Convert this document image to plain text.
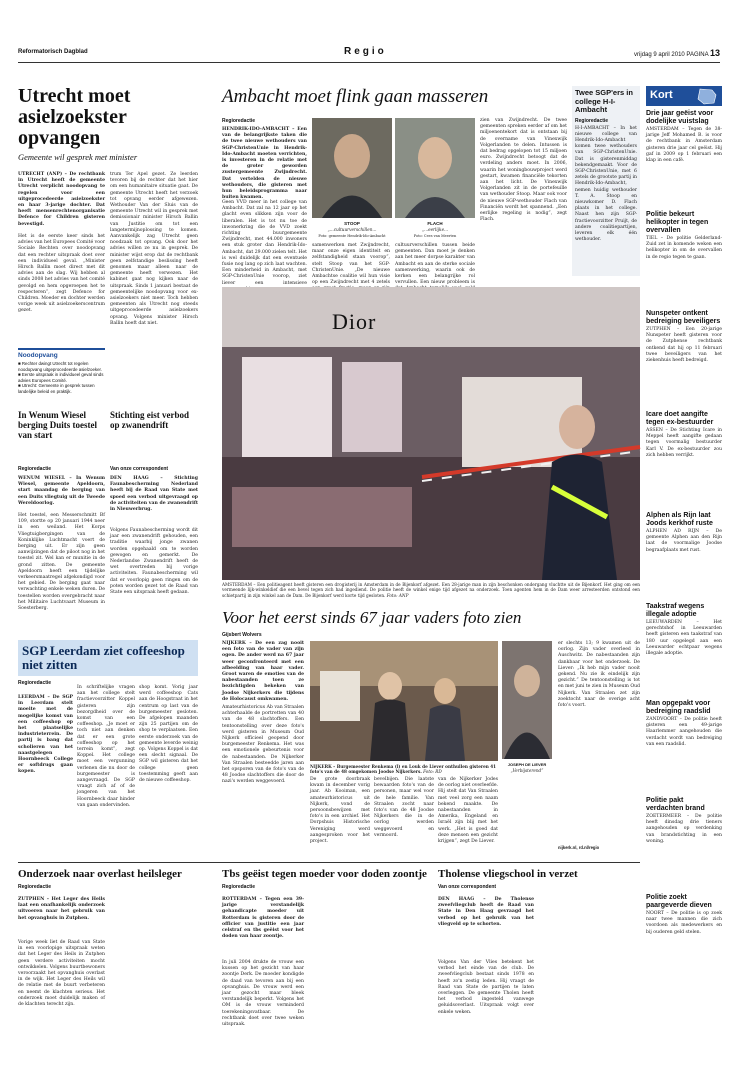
Reformatorisch Dagblad	Regio	vrijdag 9 april 2010 PAGINA 13
Utrecht moet
asielzoekster
opvangen
Gemeente wil gesprek met minister
UTRECHT (ANP) – De rechtbank in Utrecht heeft de gemeente Utrecht verplicht noodopvang te regelen voor een uitgeprocedeerde asielzoekster en haar 3-jarige dochter. Dat heeft mensenrechtenorganisatie Defence for Children gisteren bevestigd.
Het is de eerste keer sinds het advies van het Europees Comité voor Sociale Rechten over noodopvang dat een rechter uitspraak doet over een individueel geval. „Minister Hirsch Ballin moet direct met dit advies aan de slag. Wij hebben al sinds 2008 het advies van het comité gevolgd en hem opgeroepen het te respecteren”, zegt Defence for Children. Moeder en dochter werden vorige week uit asielzoekerscentrum gezet.
trum Ter Apel gezet. Ze leerden tevoren bij de rechter dat het hier om een humanitaire situatie gaat. De gemeente Utrecht heeft het verzoek tot opvang eerder afgewezen. Wethouder Van der Sluis van de gemeente Utrecht wil in gesprek met demissionair minister Hirsch Ballin van Justitie om tot een langetermijnoplossing te komen. Aanvankelijk zag Utrecht geen noodzaak tot opvang. Ook door het advies willen ze nu in gesprek. De minister wijst erop dat de rechtbank geen zelfstandige beslissing heeft genomen maar alleen naar de gemeente heeft verwezen. Het kabinet gaat nog kijken naar de uitspraak. Sinds 1 januari bestaat de gemeentelijke noodopvang voor ex-asielzoekers niet meer. Toch hebben gemeenten als Utrecht nog steeds uitgeprocedeerde asielzoekers opvang. Volgens minister Hirsch Ballin hoeft dat niet.
Noodopvang
■ Rechter dwingt Utrecht tot regelen noodopvang uitgeprocedeerde asielzoeker.
■ Eerste uitspraak in individueel geval sinds advies Europees Comité.
■ Utrecht: Gemeente in gesprek tussen landelijke beleid en praktijk.
Ambacht moet flink gaan masseren
Regioredactie
HENDRIK-IDO-AMBACHT – Een van de belangrijkste taken die de twee nieuwe wethouders van SGP-ChristenUnie in Hendrik-Ido-Ambacht moeten verrichten, is investeren in de relatie met de groter geworden zustergemeente Zwijndrecht. Dat vertelden de nieuwe wethouders, die gisteren met hun beleidsprogramma naar buiten kwamen.
Geen VVD meer in het college van Ambacht. Dat zal na 12 jaar op het glacht even slikken zijn voor de liberalen. Het is tot nu toe de inwonerkring die de VVD zoekt richting buurgemeente Zwijndrecht, met 44.000 inwoners een stuk groter dan Hendrik-Ido-Ambacht, dat 29.000 zielen telt. Het is wel duidelijk dat een eventuele fusie nog lang op zich laat wachten. Een minderheid in Ambacht, met SGP-ChristenUnie voorop, ziet liever een intensieve
STOOP
„...cultuurverschillen...
Foto: gemeente Hendrik-Ido-Ambacht
FLACH
„...eerlijke...
Foto: Cees van Meerten
samenwerken met Zwijndrecht, maar onze eigen identiteit en zelfstandigheid staan voorop”, stelt Stoop van het SGP-ChristenUnie. „De nieuwe Ambachtse coalitie wil hun visie op een Zwijndrecht met 4 zetels
cultuurverschillen tussen beide gemeenten. Dan moet je denken aan het meer dorpse karakter van Ambacht en aan de sterke sociale samenwerking, waarin ook de kerken een belangrijke rol vervullen. Een nieuw probleem is
zien van Zwijndrecht. De twee gemeenten spreken eerder af om het miljoenentekort dat is ontstaan bij de overname van Vinexwijk Volgerlanden te delen. Intussen is dat bedrag opgelopen tot 15 miljoen euro. Zwijndrecht betoogt dat de verdeling anders moet. In 2006, waarin het woningbouwproject werd gestart, kwamen financiële tekorten aan het licht. De Vinexwijk Volgerlanden zit in de portefeuille van wethouder Stoop. Maar ook voor de nieuwe SGP-wethouder Flach van Financiën wordt het spannend. „Een eerlijke regeling is nodig”, zegt Flach.
Twee SGP'ers in college H-I-Ambacht
Regioredactie
H-I-AMBACHT – In het nieuwe college van Hendrik-Ido-Ambacht komen twee wethouders van SGP-ChristenUnie. Dat is gisterenmiddag bekendgemaakt. Voor de SGP-ChristenUnie, met 6 zetels de grootste partij in Hendrik-Ido-Ambacht, nemen huidig wethouder T. A. Stoop en nieuwkomer D. Flach plaats in het college. Naast hen zijn SGP-fractievoorzitter Pruijt, de andere coalitiepartijen, leveren elk één wethouder.
Kort
Drie jaar geëist voor dodelijke vuistslag
AMSTERDAM – Tegen de 38-jarige Jeff Mohamed B. is voor de rechtbank in Amsterdam gisteren drie jaar cel geëist. Hij gaf in 2009 op 1 februari een klap in een café.
Politie bekeurt helikopter in tegen overvallen
TIEL – De politie Gelderland-Zuid zet in komende weken een helikopter in om de overvallen in de regio tegen te gaan.
Nunspeter ontkent bedreiging beveiligers
ZUTPHEN – Een 20-jarige Nunspeter heeft gisteren voor de Zutphense rechtbank ontkend dat hij op 11 februari twee beveiligers van het ziekenhuis heeft bedreigd.
Icare doet aangifte tegen ex-bestuurder
ASSEN – De Stichting Icare in Meppel heeft aangifte gedaan tegen voormalig bestuurder Karl V. De ex-bestuurder zou zich hebben verrijkt.
Alphen als Rijn laat Joods kerkhof ruste
ALPHEN AD RIJN – De gemeente Alphen aan den Rijn laat de voormalige Joodse begraafplaats met rust.
Taakstraf wegens illegale adoptie
LEEUWARDEN – Het gerechtshof in Leeuwarden heeft gisteren een taakstraf van 180 uur opgelegd aan een Leeuwarder echtpaar wegens illegale adoptie.
Man opgepakt voor bedreiging raadslid
ZANDVOORT – De politie heeft gisteren een 49-jarige Haarlemmer aangehouden die verdacht wordt van bedreiging van een raadslid.
Politie pakt verdachten brand
ZOETERMEER – De politie heeft dinsdag drie tieners aangehouden op verdenking van brandstichting in een woning.
Politie zoekt paargeverde dieven
NOORT – De politie is op zoek naar twee mannen die zich voordoen als medewerkers en bij ouderen geld stelen.
Dior
AMSTERDAM – Een politieagent heeft gisteren een drogisterij in Amsterdam in de Bijenkorf afgezet. Een 28-jarige man in zijn beschonken ondergang vluchtte uit de Bijenkorf. Het ging om een vermeende lijk-winkeldief die een bevel tegen zich had ingediend. De politie heeft de winkel enige tijd afgezet na onderzoek. Toen agenten hem in de Dam weer arresteerden ontstond een schietpartij in zijn winkel aan de Dam. De Bijenkorf werd korte tijd gesloten. Foto: ANP
In Wenum Wiesel berging Duits toestel van start
Regioredactie
WENUM WIESEL – In Wenum Wiesel, gemeente Apeldoorn, start maandag de berging van een Duits vliegtuig uit de Tweede Wereldoorlog.
Het toestel, een Messerschmitt Bf 109, stortte op 20 januari 1944 neer in een weiland. Het Korps Vliegtuigbergingen van de Koninklijke Luchtmacht voert de berging uit. Er zijn geen aanwijzingen dat de piloot nog in het toestel zit. Wel kan er munitie in de grond zitten. De gemeente Apeldoorn heeft een tijdelijke verkeersmaatregel afgekondigd voor het gebied. De berging gaat naar verwachting enkele weken duren. De toestellen worden overgebracht naar het Militaire Luchtvaart Museum in Soesterberg.
Stichting eist verbod op zwanendrift
Van onze correspondent
DEN HAAG – Stichting Faunabescherming Nederland heeft bij de Raad van State met spoed een verbod uitgevraagd op de activiteiten van de zwanendrift in Nieuwerbrug.
Volgens Faunabescherming wordt dit jaar een zwanendrift gehouden, een traditie waarbij jonge zwanen worden opgehaald om te worden gewogen en gemerkt. De Nederlandse Zwanendrift heeft de wet overtreden bij vorige activiteiten. Faunabescherming wil dat er voorlopig geen ringen om de poten worden gezet tot de Raad van State een uitspraak heeft gedaan.
SGP Leerdam ziet coffeeshop niet zitten
Regioredactie
LEERDAM – De SGP in Leerdam stelt moeite met de mogelijke komst van een coffeeshop op het plaatselijke industrieterrein. De partij is bang dat scholieren van het naastgelegen Hoornbeeck College er softdrugs gaan kopen.
In schriftelijke vragen aan het college stelt fractievoorzitter Koppel gisteren zijn bezorgdheid over de komst van een coffeeshop. „Je moet er toch niet aan denken dat er een grote coffeeshop op het terrein komt”, zegt Koppel. Het college moet een vergunning verlenen die nu door de burgemeester is aangevraagd. De SGP vraagt zich af of de jongeren van het Hoornbeeck daar hinder van gaan ondervinden.
shop komt. Vorig jaar werd coffeeshop Cats aan de Hoogstraat in het centrum op last van de burgemeester gesloten. De afgelopen maanden zijn 25 partijen om de shop te verplaatsen. Een eerste onderzoek van de gemeente leverde weinig op. Volgens Koppel is dat een slecht signaal. De SGP wil gisteren dat het college geen toestemming geeft aan de nieuwe coffeeshop.
Voor het eerst sinds 67 jaar vaders foto zien
Gijsbert Wolvers
NIJKERK – De een zag nooit een foto van de vader van zijn ogen. De ander werd na 67 jaar weer geconfronteerd met een afbeelding van haar vader. Groot waren de emoties van de nabestaanden toen ze bezichtigden bekeken van Joodse Nijkerkers die tijdens de Holocaust omkwamen.
Amateurhistoricus Ab van Straalen achterhaalde de portretten van 40 van de 48 slachtoffers. Een tentoonstelling over deze foto's werd gisteren in Museum Oud Nijkerk officieel geopend door burgemeester Renkema. Het was een emotionele gebeurtenis voor de nabestaanden. De Nijkerker Van Straalen besteedde jaren aan het opsporen van de foto's van de 48 Joodse slachtoffers die door de nazi's werden weggevoerd.
NIJKERK – Burgemeester Renkema (l) en Louk de Liever onthullen gisteren 41 foto's van de 48 omgekomen Joodse Nijkerkers. Foto: RD
JOSEPH DE LIEVER
„Verbijsterend”
De grote doorbraak kwam in december vorig jaar. Ab Kooiman, een amateurhistoricus uit Nijkerk, vond de persoonsbewijzen met foto's in een archief. Het Dorpshuis Historische Vereniging werd aangesproken voor het project.
bevelbijen. Die laatste bewaarden foto's van de personen, maar wel voor de hele familie. Van Straalen zocht naar foto's van de 48 Joodse Nijkerkers die in de oorlog werden weggevoerd en vermoord.
van de Nijkerker Jodes de oorlog niet overleefde. Hij stelt dat Van Straalen met veel zorg een naam bekend maakte. De nabestaanden in Amerika, Engeland en Israël zijn blij met het werk. „Het is goed dat deze mensen een gezicht krijgen”, zegt De Liever.
er slechts 13; 9 kwamen uit de oorlog. Zijn vader overleed in Auschwitz. De nabestaanden zijn dankbaar voor het onderzoek. De Liever: „Ik heb mijn vader nooit gekend. Nu zie ik eindelijk zijn gezicht.” De tentoonstelling is tot en met juni te zien in Museum Oud Nijkerk. Van Straalen zet zijn zoektocht naar de overige acht foto's voort.
nijkerk.nl, rd.nl/regio
Onderzoek naar overlast heilsleger
Regioredactie
ZUTPHEN – Het Leger des Heils laat een onafhankelijk onderzoek uitvoeren naar het gebruik van het opvanghuis in Zutphen.
Vorige week liet de Raad van State in een voorlopige uitspraak weten dat het Leger des Heils in Zutphen geen verdere activiteiten mocht ontwikkelen. Volgens buurtbewoners veroorzaakt het opvanghuis overlast in de wijk. Het Leger des Heils wil de relatie met de buurt verbeteren en neemt de klachten serieus. Het onderzoek moet duidelijk maken of de klachten terecht zijn.
Tbs geëist tegen moeder voor doden zoontje
Regioredactie
ROTTERDAM – Tegen een 39-jarige verstandelijk gehandicapte moeder uit Rotterdam is gisteren door de officier van justitie een jaar celstraf en tbs geëist voor het doden van haar zoontje.
In juli 2004 drukte de vrouw een kussen op het gezicht van haar zoontje Derk. De moeder kondigde de daad van tevoren aan bij een opvanghuis. De vrouw werd een jaar gezocht maar bleek verstandelijk beperkt. Volgens het OM is de vrouw verminderd toerekeningsvatbaar. De rechtbank doet over twee weken uitspraak.
Tholense vliegschool in verzet
Van onze correspondent
DEN HAAG – De Tholense zweefvliegclub heeft de Raad van State in Den Haag gevraagd het verbod op het gebruik van het vliegveld op te schorten.
Volgens Van der Vlies betekent het verbod het einde van de club. De zweefvliegclub bestaat sinds 1978 en heeft zo'n zestig leden. Hij vraagt de Raad van State de partijen te laten overleggen. De gemeente Tholen heeft het verbod ingesteld vanwege geluidsoverlast. Uitspraak volgt over enkele weken.
